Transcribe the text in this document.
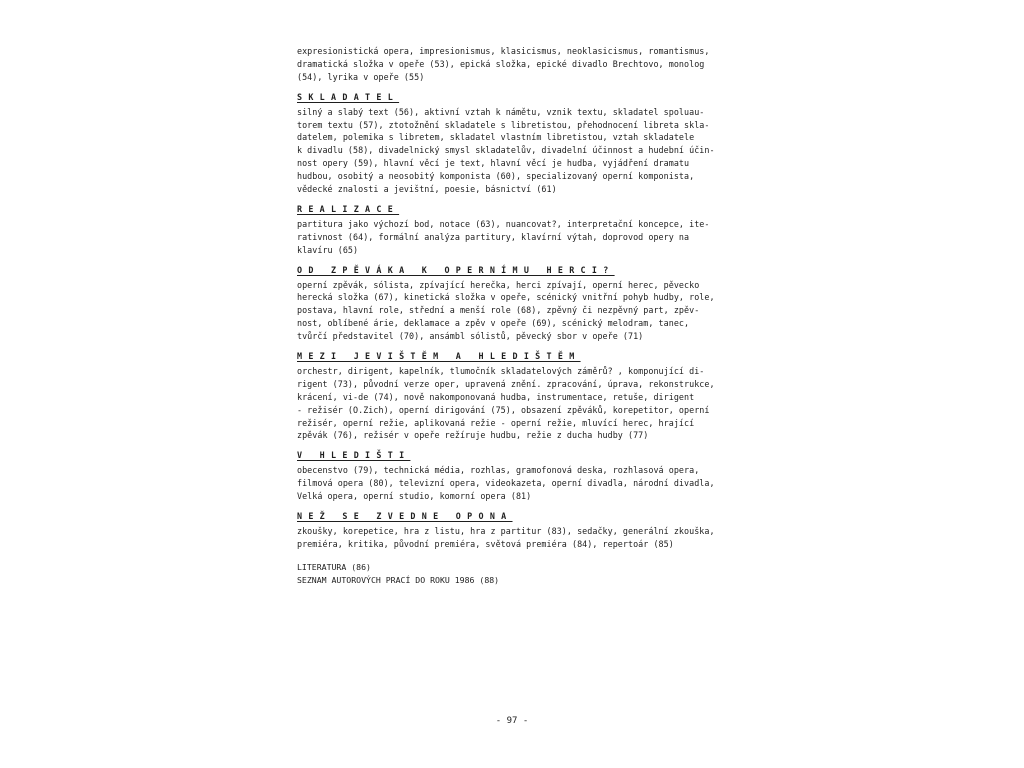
expresionistická opera, impresionismus, klasicismus, neoklasicismus, romantismus,

dramatická složka v opeře (53), epická složka, epické divadlo Brechtovo, monolog

(54), lyrika v opeře (55)

SKLADATEL

silný a slabý text (56), aktivní vztah k námětu, vznik textu, skladatel spoluau-

torem textu (57), ztotožnění skladatele s libretistou, přehodnocení libreta skla-

datelem, polemika s libretem, skladatel vlastním libretistou, vztah skladatele

k divadlu (58), divadelnický smysl skladatelův, divadelní účinnost a hudební účin-

nost opery (59), hlavní věcí je text, hlavní věcí je hudba, vyjádření dramatu

hudbou, osobitý a neosobitý komponista (60), specializovaný operní komponista,

vědecké znalosti a jevištní, poesie, básnictví (61)

REALIZACE

partitura jako výchozí bod, notace (63), nuancovat?, interpretační koncepce, ite-

rativnost (64), formální analýza partitury, klavírní výtah, doprovod opery na

klavíru (65)

OD ZPĚVÁKA K OPERNÍMU HERCI?

operní zpěvák, sólista, zpívající herečka, herci zpívají, operní herec, pěvecko

herecká složka (67), kinetická složka v opeře, scénický vnitřní pohyb hudby, role,

postava, hlavní role, střední a menší role (68), zpěvný či nezpěvný part, zpěv-

nost, oblíbené árie, deklamace a zpěv v opeře (69), scénický melodram, tanec,

tvůrčí představitel (70), ansámbl sólistů, pěvecký sbor v opeře (71)

MEZI JEVIŠTĚM A HLEDIŠTĚM

orchestr, dirigent, kapelník, tlumočník skladatelových záměrů? , komponující di-

rigent (73), původní verze oper, upravená znění. zpracování, úprava, rekonstrukce,

krácení, vi-de (74), nově nakomponovaná hudba, instrumentace, retuše, dirigent

- režisér (O.Zich), operní dirigování (75), obsazení zpěváků, korepetitor, operní

režisér, operní režie, aplikovaná režie - operní režie, mluvící herec, hrající

zpěvák (76), režisér v opeře režíruje hudbu, režie z ducha hudby (77)

V HLEDIŠTI

obecenstvo (79), technická média, rozhlas, gramofonová deska, rozhlasová opera,

filmová opera (80), televizní opera, videokazeta, operní divadla, národní divadla,

Velká opera, operní studio, komorní opera (81)

NEŽ SE ZVEDNE OPONA

zkoušky, korepetice, hra z listu, hra z partitur (83), sedačky, generální zkouška,

premiéra, kritika, původní premiéra, světová premiéra (84), repertoár (85)

LITERATURA (86)

SEZNAM AUTOROVÝCH PRACÍ DO ROKU 1986 (88)

- 97 -
